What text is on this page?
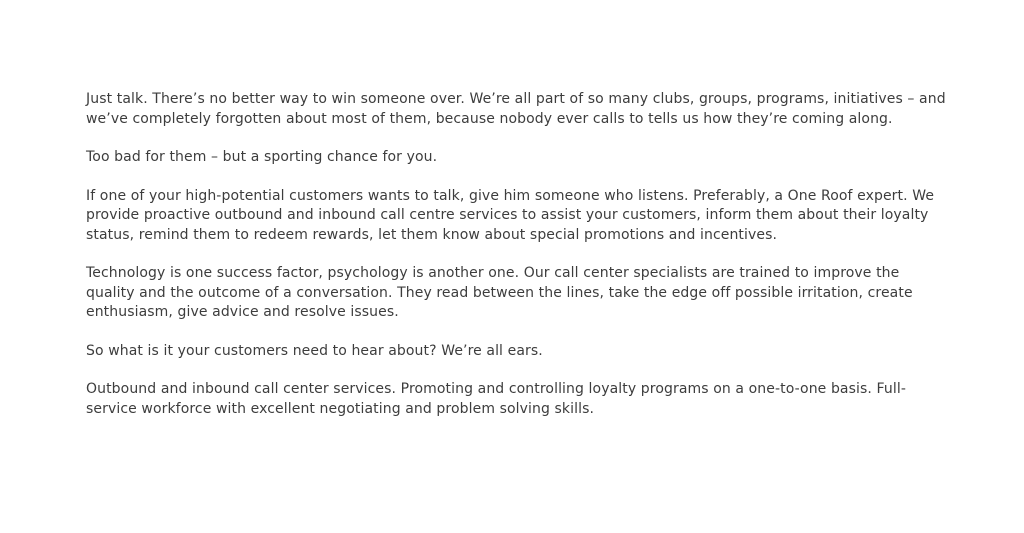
Just talk. There’s no better way to win someone over. We’re all part of so many clubs, groups, programs, initiatives – and we’ve completely forgotten about most of them, because nobody ever calls to tells us how they’re coming along.

Too bad for them – but a sporting chance for you.

If one of your high-potential customers wants to talk, give him someone who listens. Preferably, a One Roof expert. We provide proactive outbound and inbound call centre services to assist your customers, inform them about their loyalty status, remind them to redeem rewards, let them know about special promotions and incentives.

Technology is one success factor, psychology is another one. Our call center specialists are trained to improve the quality and the outcome of a conversation. They read between the lines, take the edge off possible irritation, create enthusiasm, give advice and resolve issues.

So what is it your customers need to hear about? We’re all ears.

Outbound and inbound call center services. Promoting and controlling loyalty programs on a one-to-one basis. Full-service workforce with excellent negotiating and problem solving skills.
